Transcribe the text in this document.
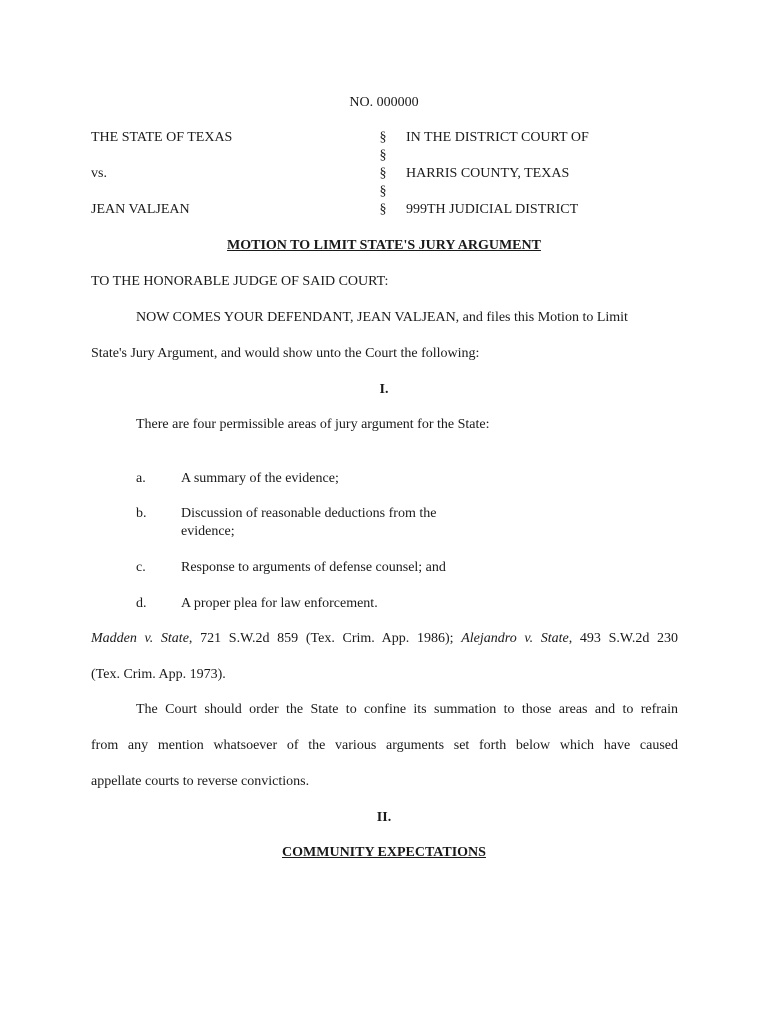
NO. 000000
THE STATE OF TEXAS
vs.
JEAN VALJEAN
§
§
§
§
§
IN THE DISTRICT COURT OF
HARRIS COUNTY, TEXAS
999TH JUDICIAL DISTRICT
MOTION TO LIMIT STATE'S JURY ARGUMENT
TO THE HONORABLE JUDGE OF SAID COURT:
NOW COMES YOUR DEFENDANT, JEAN VALJEAN, and files this Motion to Limit
State's Jury Argument, and would show unto the Court the following:
I.
There are four permissible areas of jury argument for the State:
a.	A summary of the evidence;
b. Discussion of reasonable deductions from the
evidence;
c.	Response to arguments of defense counsel; and
d. A proper plea for law enforcement.
Madden v. State, 721 S.W.2d 859 (Tex. Crim. App. 1986); Alejandro v. State, 493 S.W.2d 230
(Tex. Crim. App. 1973).
The Court should order the State to confine its summation to those areas and to refrain
from any mention whatsoever of the various arguments set forth below which have caused
appellate courts to reverse convictions.
II.
COMMUNITY EXPECTATIONS
